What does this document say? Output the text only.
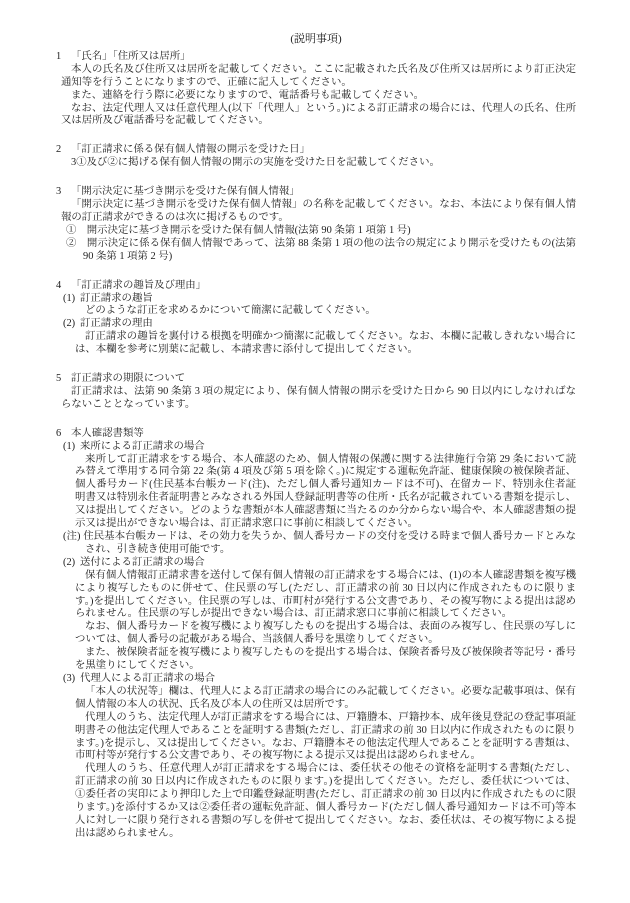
(説明事項)
1 「氏名」「住所又は居所」

本人の氏名及び住所又は居所を記載してください。ここに記載された氏名及び住所又は居所により訂正決定通知等を行うことになりますので、正確に記入してください。

また、連絡を行う際に必要になりますので、電話番号も記載してください。

なお、法定代理人又は任意代理人(以下「代理人」という。)による訂正請求の場合には、代理人の氏名、住所又は居所及び電話番号を記載してください。

2 「訂正請求に係る保有個人情報の開示を受けた日」

3①及び②に掲げる保有個人情報の開示の実施を受けた日を記載してください。

3 「開示決定に基づき開示を受けた保有個人情報」

「開示決定に基づき開示を受けた保有個人情報」の名称を記載してください。なお、本法により保有個人情報の訂正請求ができるのは次に掲げるものです。

①　開示決定に基づき開示を受けた保有個人情報(法第 90 条第 1 項第 1 号)

②　開示決定に係る保有個人情報であって、法第 88 条第 1 項の他の法令の規定により開示を受けたもの(法第 90 条第 1 項第 2 号)

4 「訂正請求の趣旨及び理由」
(1) 訂正請求の趣旨

どのような訂正を求めるかについて簡潔に記載してください。

(2) 訂正請求の理由

訂正請求の趣旨を裏付ける根拠を明確かつ簡潔に記載してください。なお、本欄に記載しきれない場合には、本欄を参考に別葉に記載し、本請求書に添付して提出してください。

5 訂正請求の期限について

訂正請求は、法第 90 条第 3 項の規定により、保有個人情報の開示を受けた日から 90 日以内にしなければならないこととなっています。

6 本人確認書類等
(1) 来所による訂正請求の場合

来所して訂正請求をする場合、本人確認のため、個人情報の保護に関する法律施行令第 29 条において読み替えて準用する同令第 22 条(第 4 項及び第 5 項を除く。)に規定する運転免許証、健康保険の被保険者証、個人番号カード(住民基本台帳カード(注)、ただし個人番号通知カードは不可)、在留カード、特別永住者証明書又は特別永住者証明書とみなされる外国人登録証明書等の住所・氏名が記載されている書類を提示し、又は提出してください。どのような書類が本人確認書類に当たるのか分からない場合や、本人確認書類の提示又は提出ができない場合は、訂正請求窓口に事前に相談してください。

(注) 住民基本台帳カードは、その効力を失うか、個人番号カードの交付を受ける時まで個人番号カードとみなされ、引き続き使用可能です。

(2) 送付による訂正請求の場合

保有個人情報訂正請求書を送付して保有個人情報の訂正請求をする場合には、(1)の本人確認書類を複写機により複写したものに併せて、住民票の写し(ただし、訂正請求の前 30 日以内に作成されたものに限ります。)を提出してください。住民票の写しは、市町村が発行する公文書であり、その複写物による提出は認められません。住民票の写しが提出できない場合は、訂正請求窓口に事前に相談してください。

なお、個人番号カードを複写機により複写したものを提出する場合は、表面のみ複写し、住民票の写しについては、個人番号の記載がある場合、当該個人番号を黒塗りしてください。

また、被保険者証を複写機により複写したものを提出する場合は、保険者番号及び被保険者等記号・番号を黒塗りにしてください。

(3) 代理人による訂正請求の場合

「本人の状況等」欄は、代理人による訂正請求の場合にのみ記載してください。必要な記載事項は、保有個人情報の本人の状況、氏名及び本人の住所又は居所です。

代理人のうち、法定代理人が訂正請求をする場合には、戸籍謄本、戸籍抄本、成年後見登記の登記事項証明書その他法定代理人であることを証明する書類(ただし、訂正請求の前 30 日以内に作成されたものに限ります。)を提示し、又は提出してください。なお、戸籍謄本その他法定代理人であることを証明する書類は、市町村等が発行する公文書であり、その複写物による提示又は提出は認められません。

代理人のうち、任意代理人が訂正請求をする場合には、委任状その他その資格を証明する書類(ただし、訂正請求の前 30 日以内に作成されたものに限ります。)を提出してください。ただし、委任状については、①委任者の実印により押印した上で印鑑登録証明書(ただし、訂正請求の前 30 日以内に作成されたものに限ります。)を添付するか又は②委任者の運転免許証、個人番号カード(ただし個人番号通知カードは不可)等本人に対し一に限り発行される書類の写しを併せて提出してください。なお、委任状は、その複写物による提出は認められません。
